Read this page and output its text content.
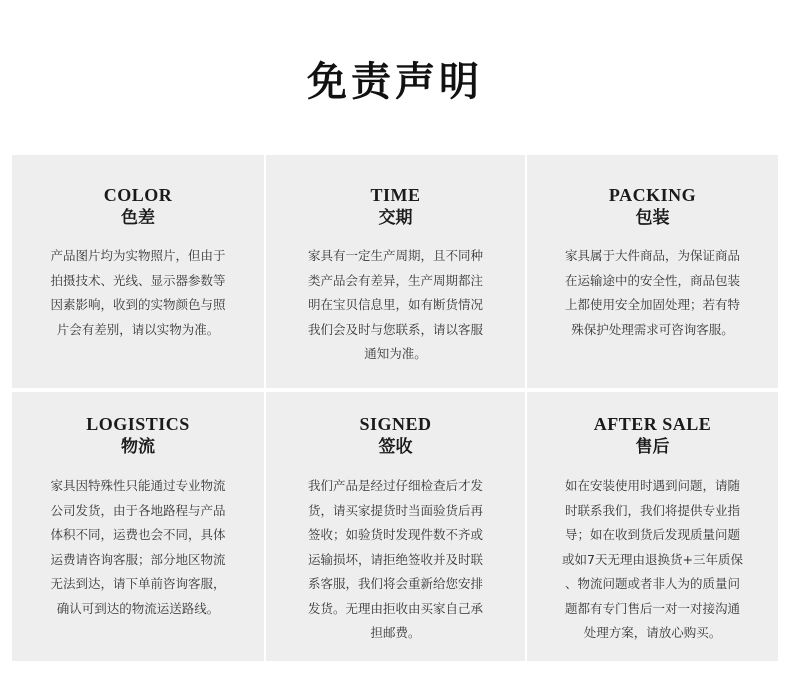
免责声明
COLOR
色差
产品图片均为实物照片，但由于
拍摄技术、光线、显示器参数等
因素影响，收到的实物颜色与照
片会有差别，请以实物为准。
TIME
交期
家具有一定生产周期，且不同种
类产品会有差异，生产周期都注
明在宝贝信息里，如有断货情况
我们会及时与您联系，请以客服
通知为准。
PACKING
包装
家具属于大件商品，为保证商品
在运输途中的安全性，商品包装
上都使用安全加固处理；若有特
殊保护处理需求可咨询客服。
LOGISTICS
物流
家具因特殊性只能通过专业物流
公司发货，由于各地路程与产品
体积不同，运费也会不同，具体
运费请咨询客服；部分地区物流
无法到达，请下单前咨询客服，
确认可到达的物流运送路线。
SIGNED
签收
我们产品是经过仔细检查后才发
货，请买家提货时当面验货后再
签收；如验货时发现件数不齐或
运输损坏，请拒绝签收并及时联
系客服，我们将会重新给您安排
发货。无理由拒收由买家自己承
担邮费。
AFTER SALE
售后
如在安装使用时遇到问题，请随
时联系我们，我们将提供专业指
导；如在收到货后发现质量问题
或如7天无理由退换货+三年质保
、物流问题或者非人为的质量问
题都有专门售后一对一对接沟通
处理方案，请放心购买。
